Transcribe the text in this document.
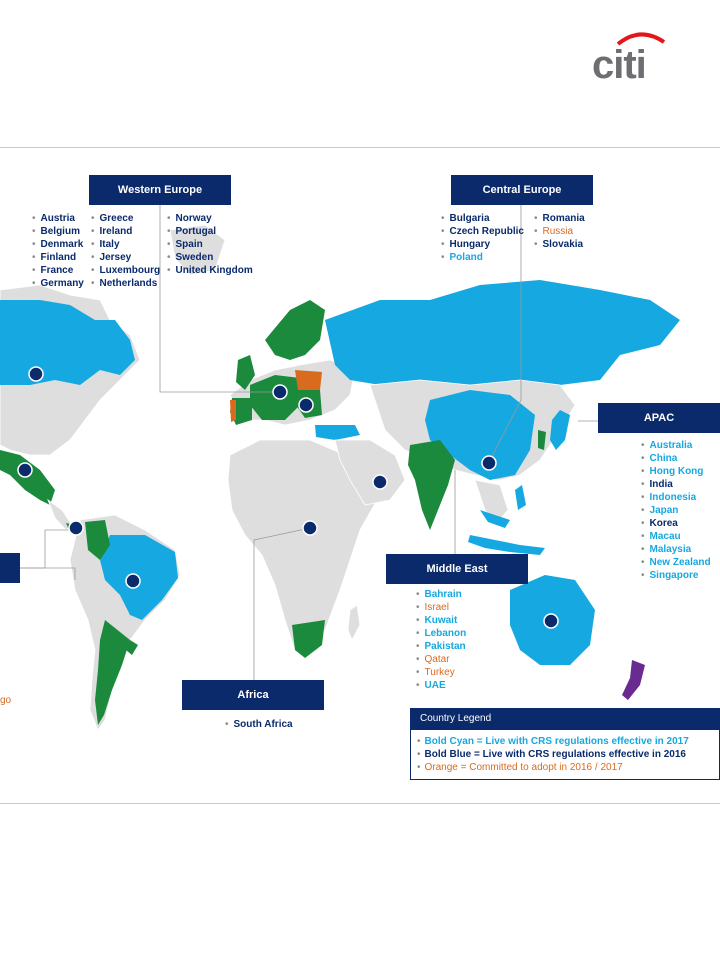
citi
Western Europe	Central Europe
APAC
Middle East
Africa
• Austria
• Belgium
• Denmark
• Finland
• France
• Germany
• Greece
• Ireland
• Italy
• Jersey
• Luxembourg
• Netherlands
• Norway
• Portugal
• Spain
• Sweden
• United Kingdom
• Bulgaria
• Czech Republic
• Hungary
• Poland
• Romania
• Russia
• Slovakia
• Australia
• China
• Hong Kong
• India
• Indonesia
• Japan
• Korea
• Macau
• Malaysia
• New Zealand
• Singapore
• Bahrain
• Israel
• Kuwait
• Lebanon
• Pakistan
• Qatar
• Turkey
• UAE
• South Africa
go
Country Legend
• Bold Cyan = Live with CRS regulations effective in 2017
• Bold Blue = Live with CRS regulations effective in 2016
• Orange = Committed to adopt in 2016 / 2017
